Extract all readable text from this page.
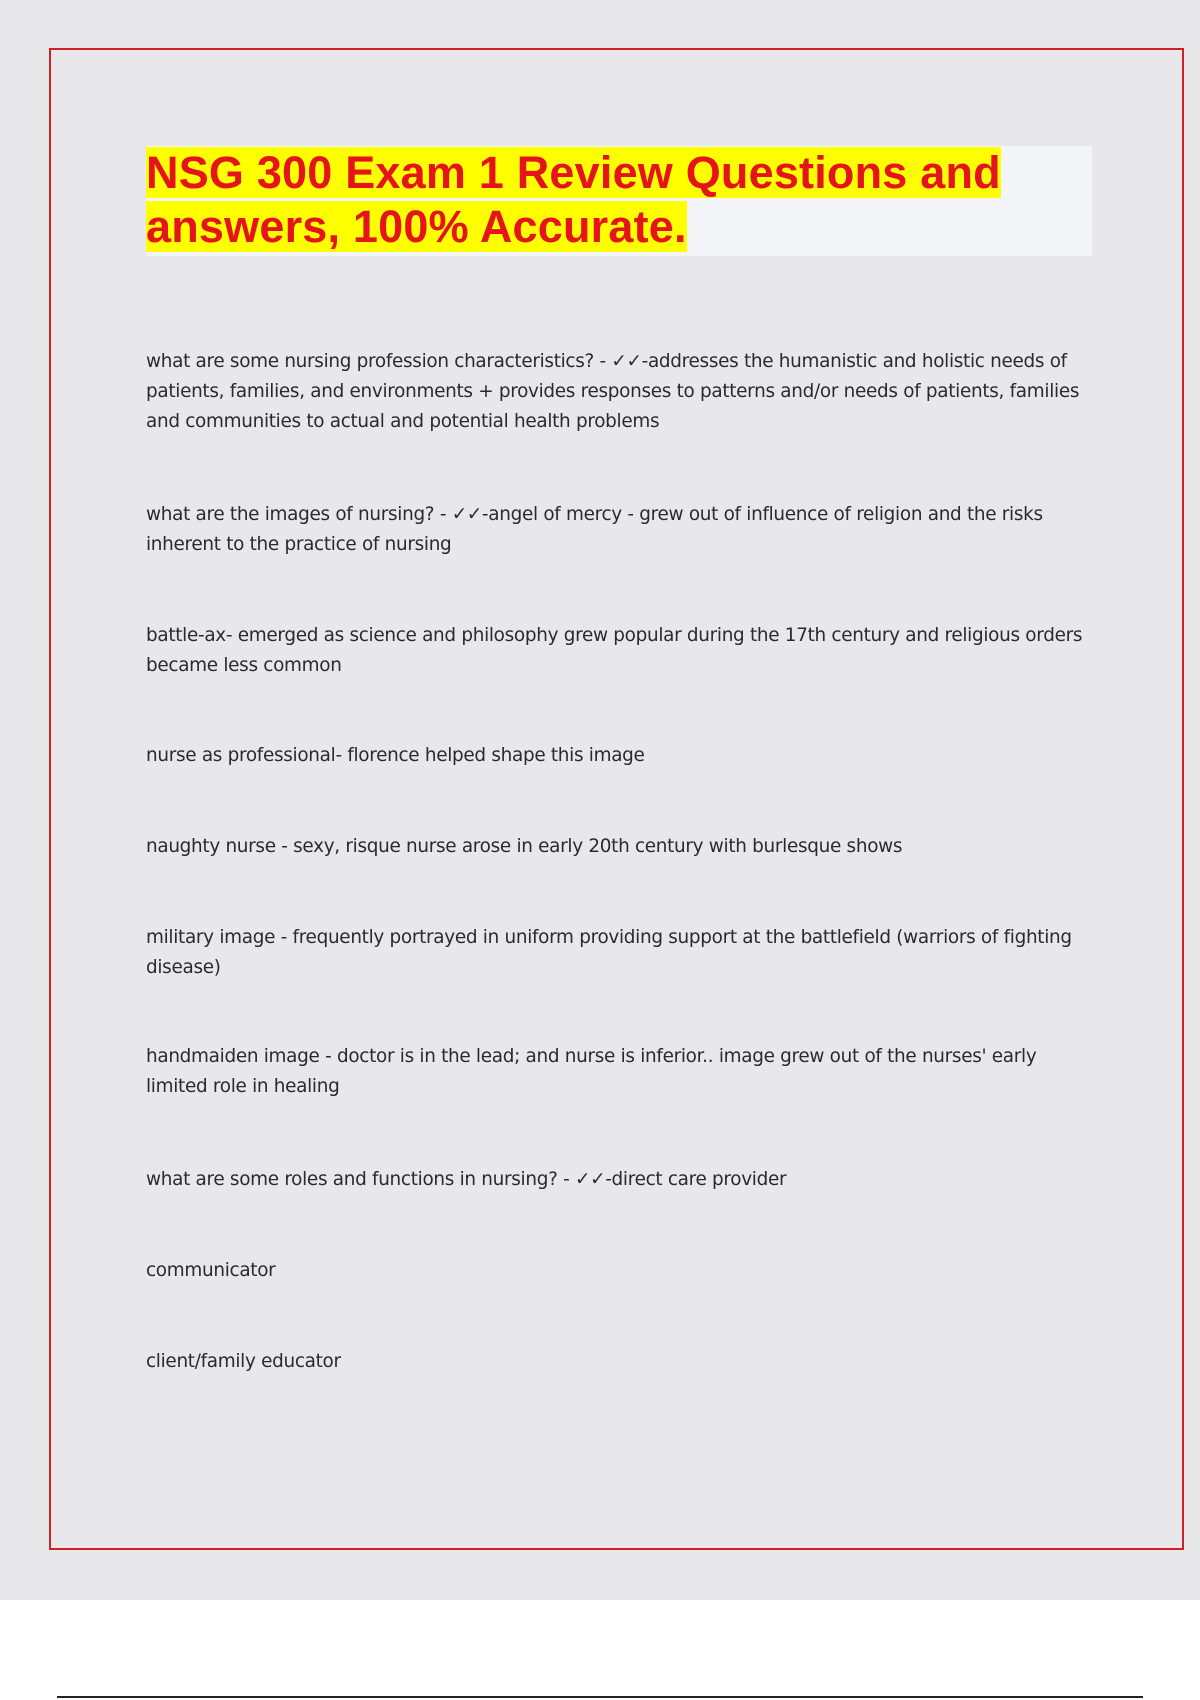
NSG 300 Exam 1 Review Questions and answers, 100% Accurate.

what are some nursing profession characteristics? - ✓✓-addresses the humanistic and holistic needs of patients, families, and environments + provides responses to patterns and/or needs of patients, families and communities to actual and potential health problems

what are the images of nursing? - ✓✓-angel of mercy - grew out of influence of religion and the risks inherent to the practice of nursing

battle-ax- emerged as science and philosophy grew popular during the 17th century and religious orders became less common

nurse as professional- florence helped shape this image

naughty nurse - sexy, risque nurse arose in early 20th century with burlesque shows

military image - frequently portrayed in uniform providing support at the battlefield (warriors of fighting disease)

handmaiden image - doctor is in the lead; and nurse is inferior.. image grew out of the nurses' early limited role in healing

what are some roles and functions in nursing? - ✓✓-direct care provider

communicator

client/family educator
